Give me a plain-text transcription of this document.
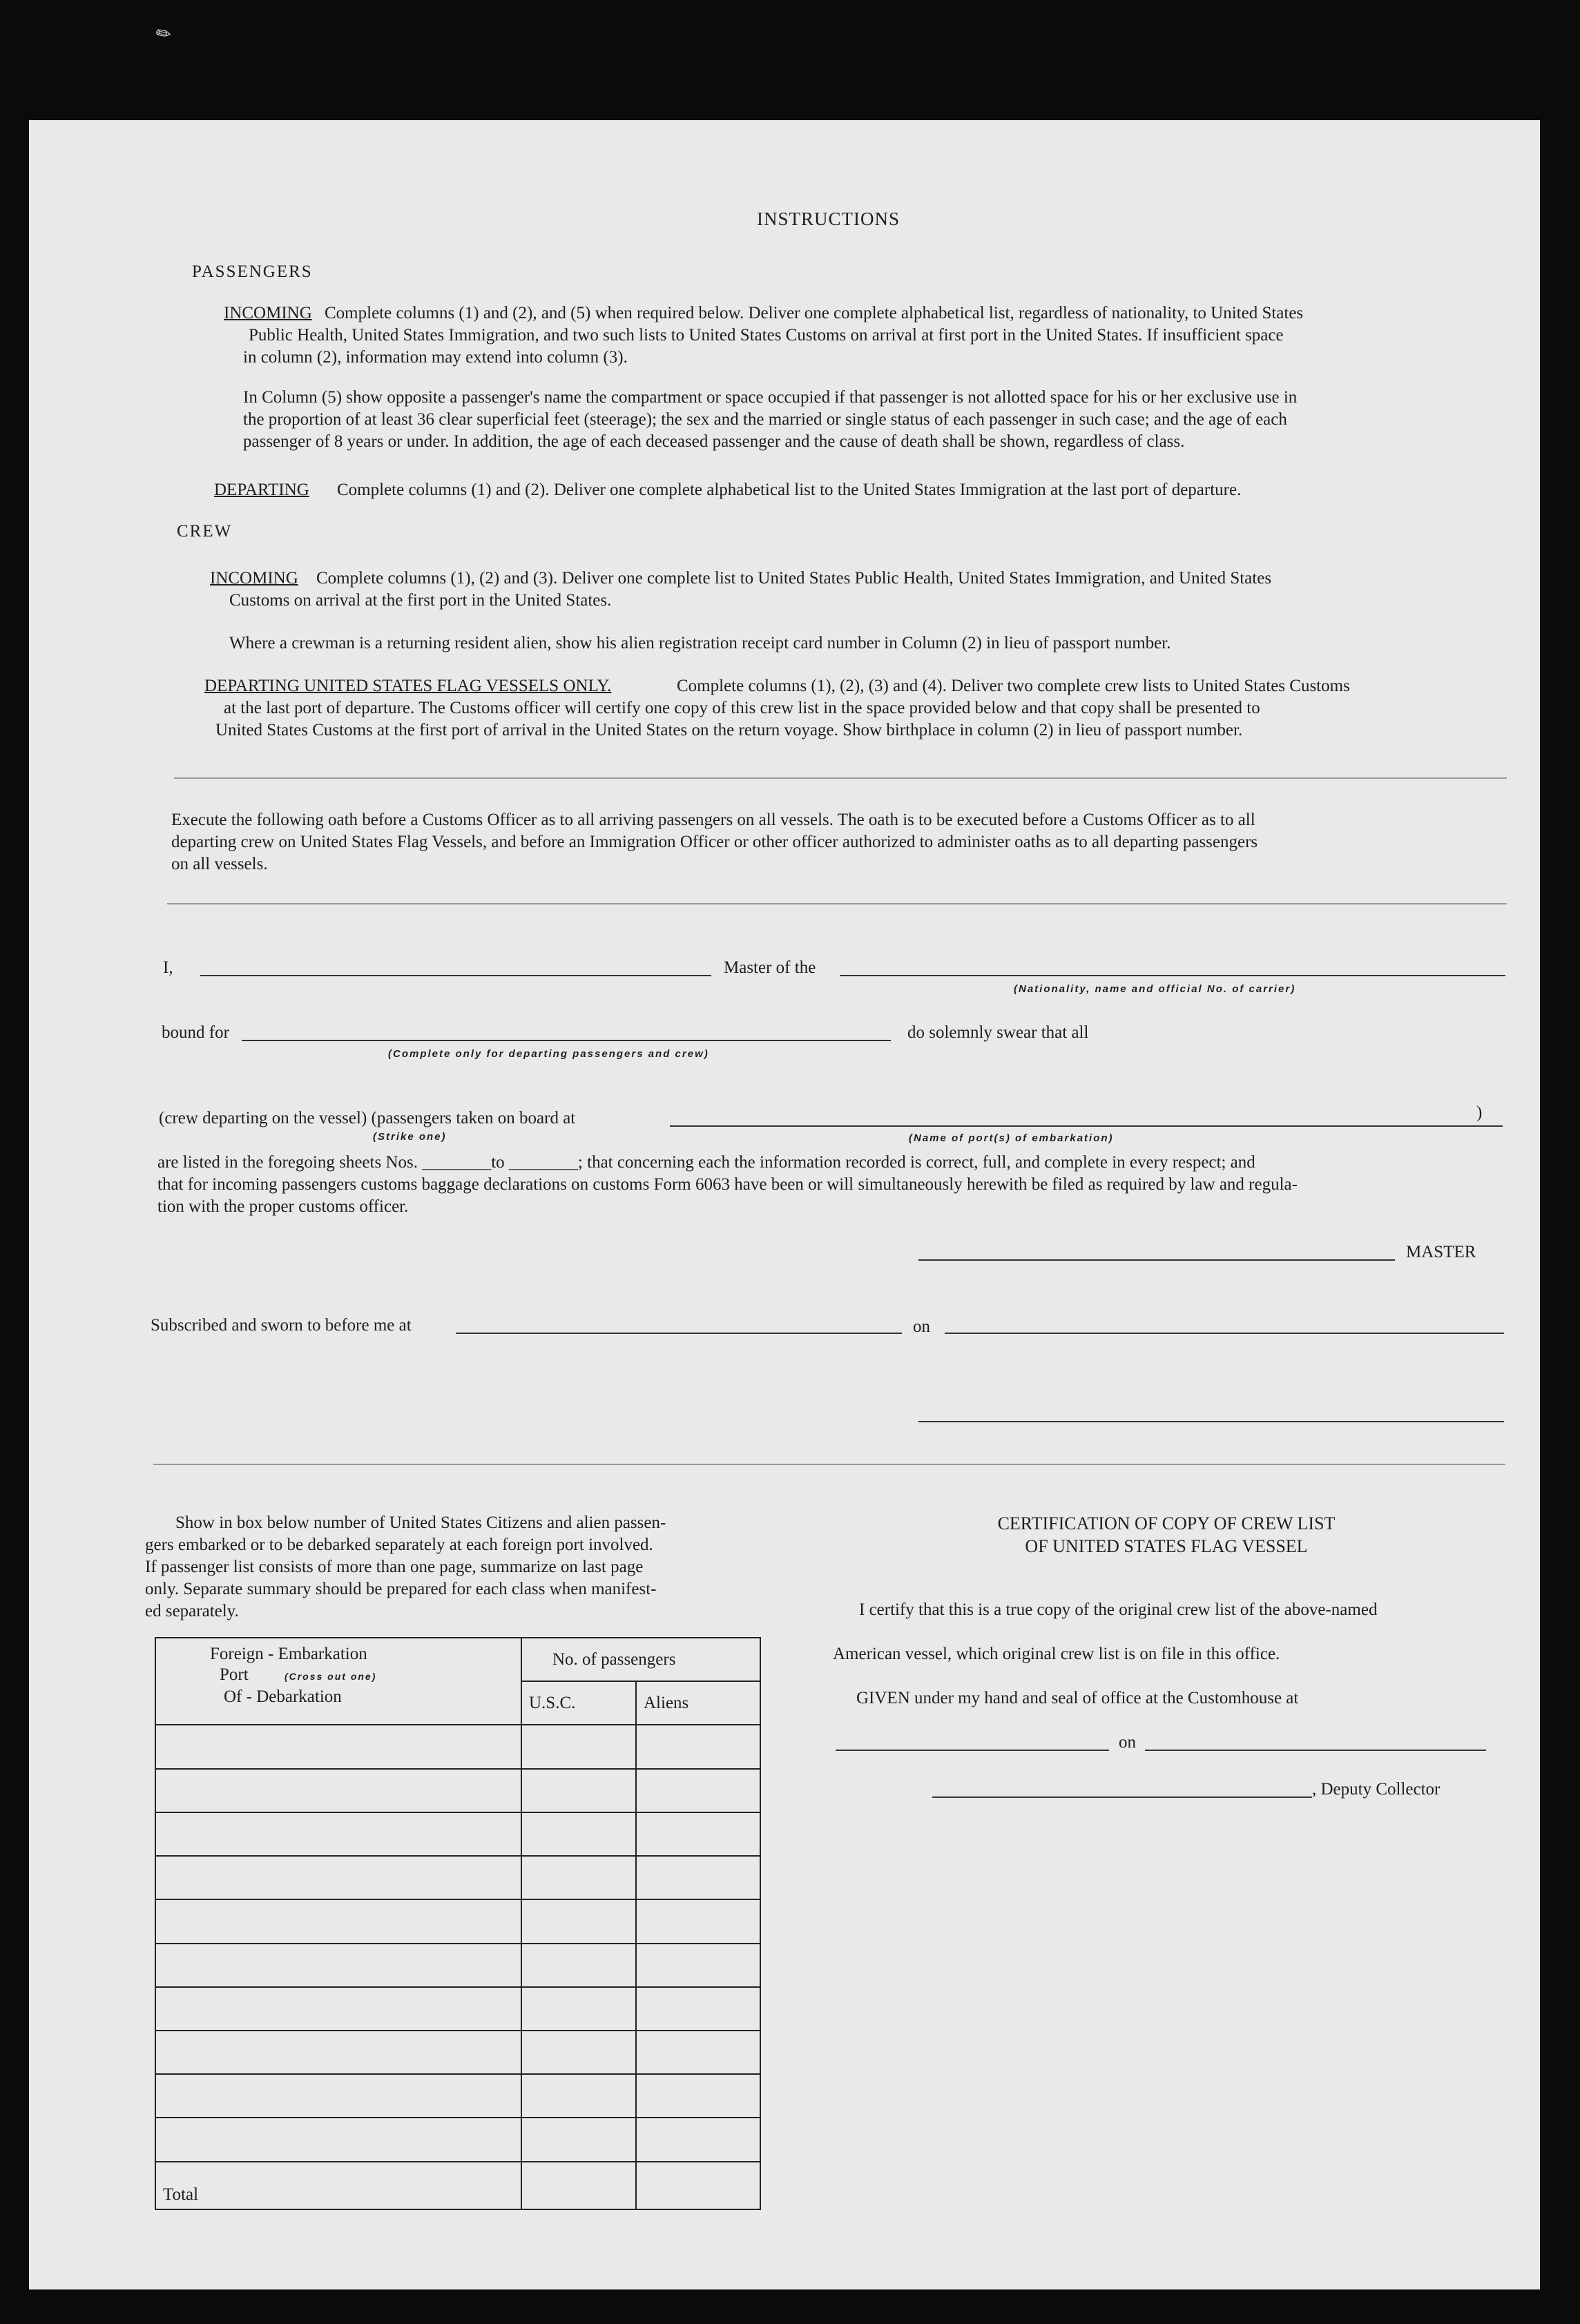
✎
INSTRUCTIONS
PASSENGERS
INCOMING Complete columns (1) and (2), and (5) when required below. Deliver one complete alphabetical list, regardless of nationality, to United States
Public Health, United States Immigration, and two such lists to United States Customs on arrival at first port in the United States. If insufficient space
in column (2), information may extend into column (3).
In Column (5) show opposite a passenger's name the compartment or space occupied if that passenger is not allotted space for his or her exclusive use in
the proportion of at least 36 clear superficial feet (steerage); the sex and the married or single status of each passenger in such case; and the age of each
passenger of 8 years or under. In addition, the age of each deceased passenger and the cause of death shall be shown, regardless of class.
DEPARTING Complete columns (1) and (2). Deliver one complete alphabetical list to the United States Immigration at the last port of departure.
CREW
INCOMING	Complete columns (1), (2) and (3). Deliver one complete list to United States Public Health, United States Immigration, and United States
Customs on arrival at the first port in the United States.
Where a crewman is a returning resident alien, show his alien registration receipt card number in Column (2) in lieu of passport number.
DEPARTING UNITED STATES FLAG VESSELS ONLY.	Complete columns (1), (2), (3) and (4). Deliver two complete crew lists to United States Customs
at the last port of departure. The Customs officer will certify one copy of this crew list in the space provided below and that copy shall be presented to
United States Customs at the first port of arrival in the United States on the return voyage. Show birthplace in column (2) in lieu of passport number.
Execute the following oath before a Customs Officer as to all arriving passengers on all vessels. The oath is to be executed before a Customs Officer as to all
departing crew on United States Flag Vessels, and before an Immigration Officer or other officer authorized to administer oaths as to all departing passengers
on all vessels.
I,	Master of the
(Nationality, name and official No. of carrier)
bound for
(Complete only for departing passengers and crew)
do solemnly swear that all
(crew departing on the vessel) (passengers taken on board at	)
(Strike one)	(Name of port(s) of embarkation)
are listed in the foregoing sheets Nos. ________to ________; that concerning each the information recorded is correct, full, and complete in every respect; and
that for incoming passengers customs baggage declarations on customs Form 6063 have been or will simultaneously herewith be filed as required by law and regula-
tion with the proper customs officer.
MASTER
Subscribed and sworn to before me at	on
Show in box below number of United States Citizens and alien passen-
gers embarked or to be debarked separately at each foreign port involved.
If passenger list consists of more than one page, summarize on last page
only. Separate summary should be prepared for each class when manifest-
ed separately.
Foreign - Embarkation
Port (Cross out one)
Of - Debarkation	No. of passengers	
	U.S.C.	Aliens

Total		
CERTIFICATION OF COPY OF CREW LIST
OF UNITED STATES FLAG VESSEL
I certify that this is a true copy of the original crew list of the above-named
American vessel, which original crew list is on file in this office.
GIVEN under my hand and seal of office at the Customhouse at
on
, Deputy Collector
